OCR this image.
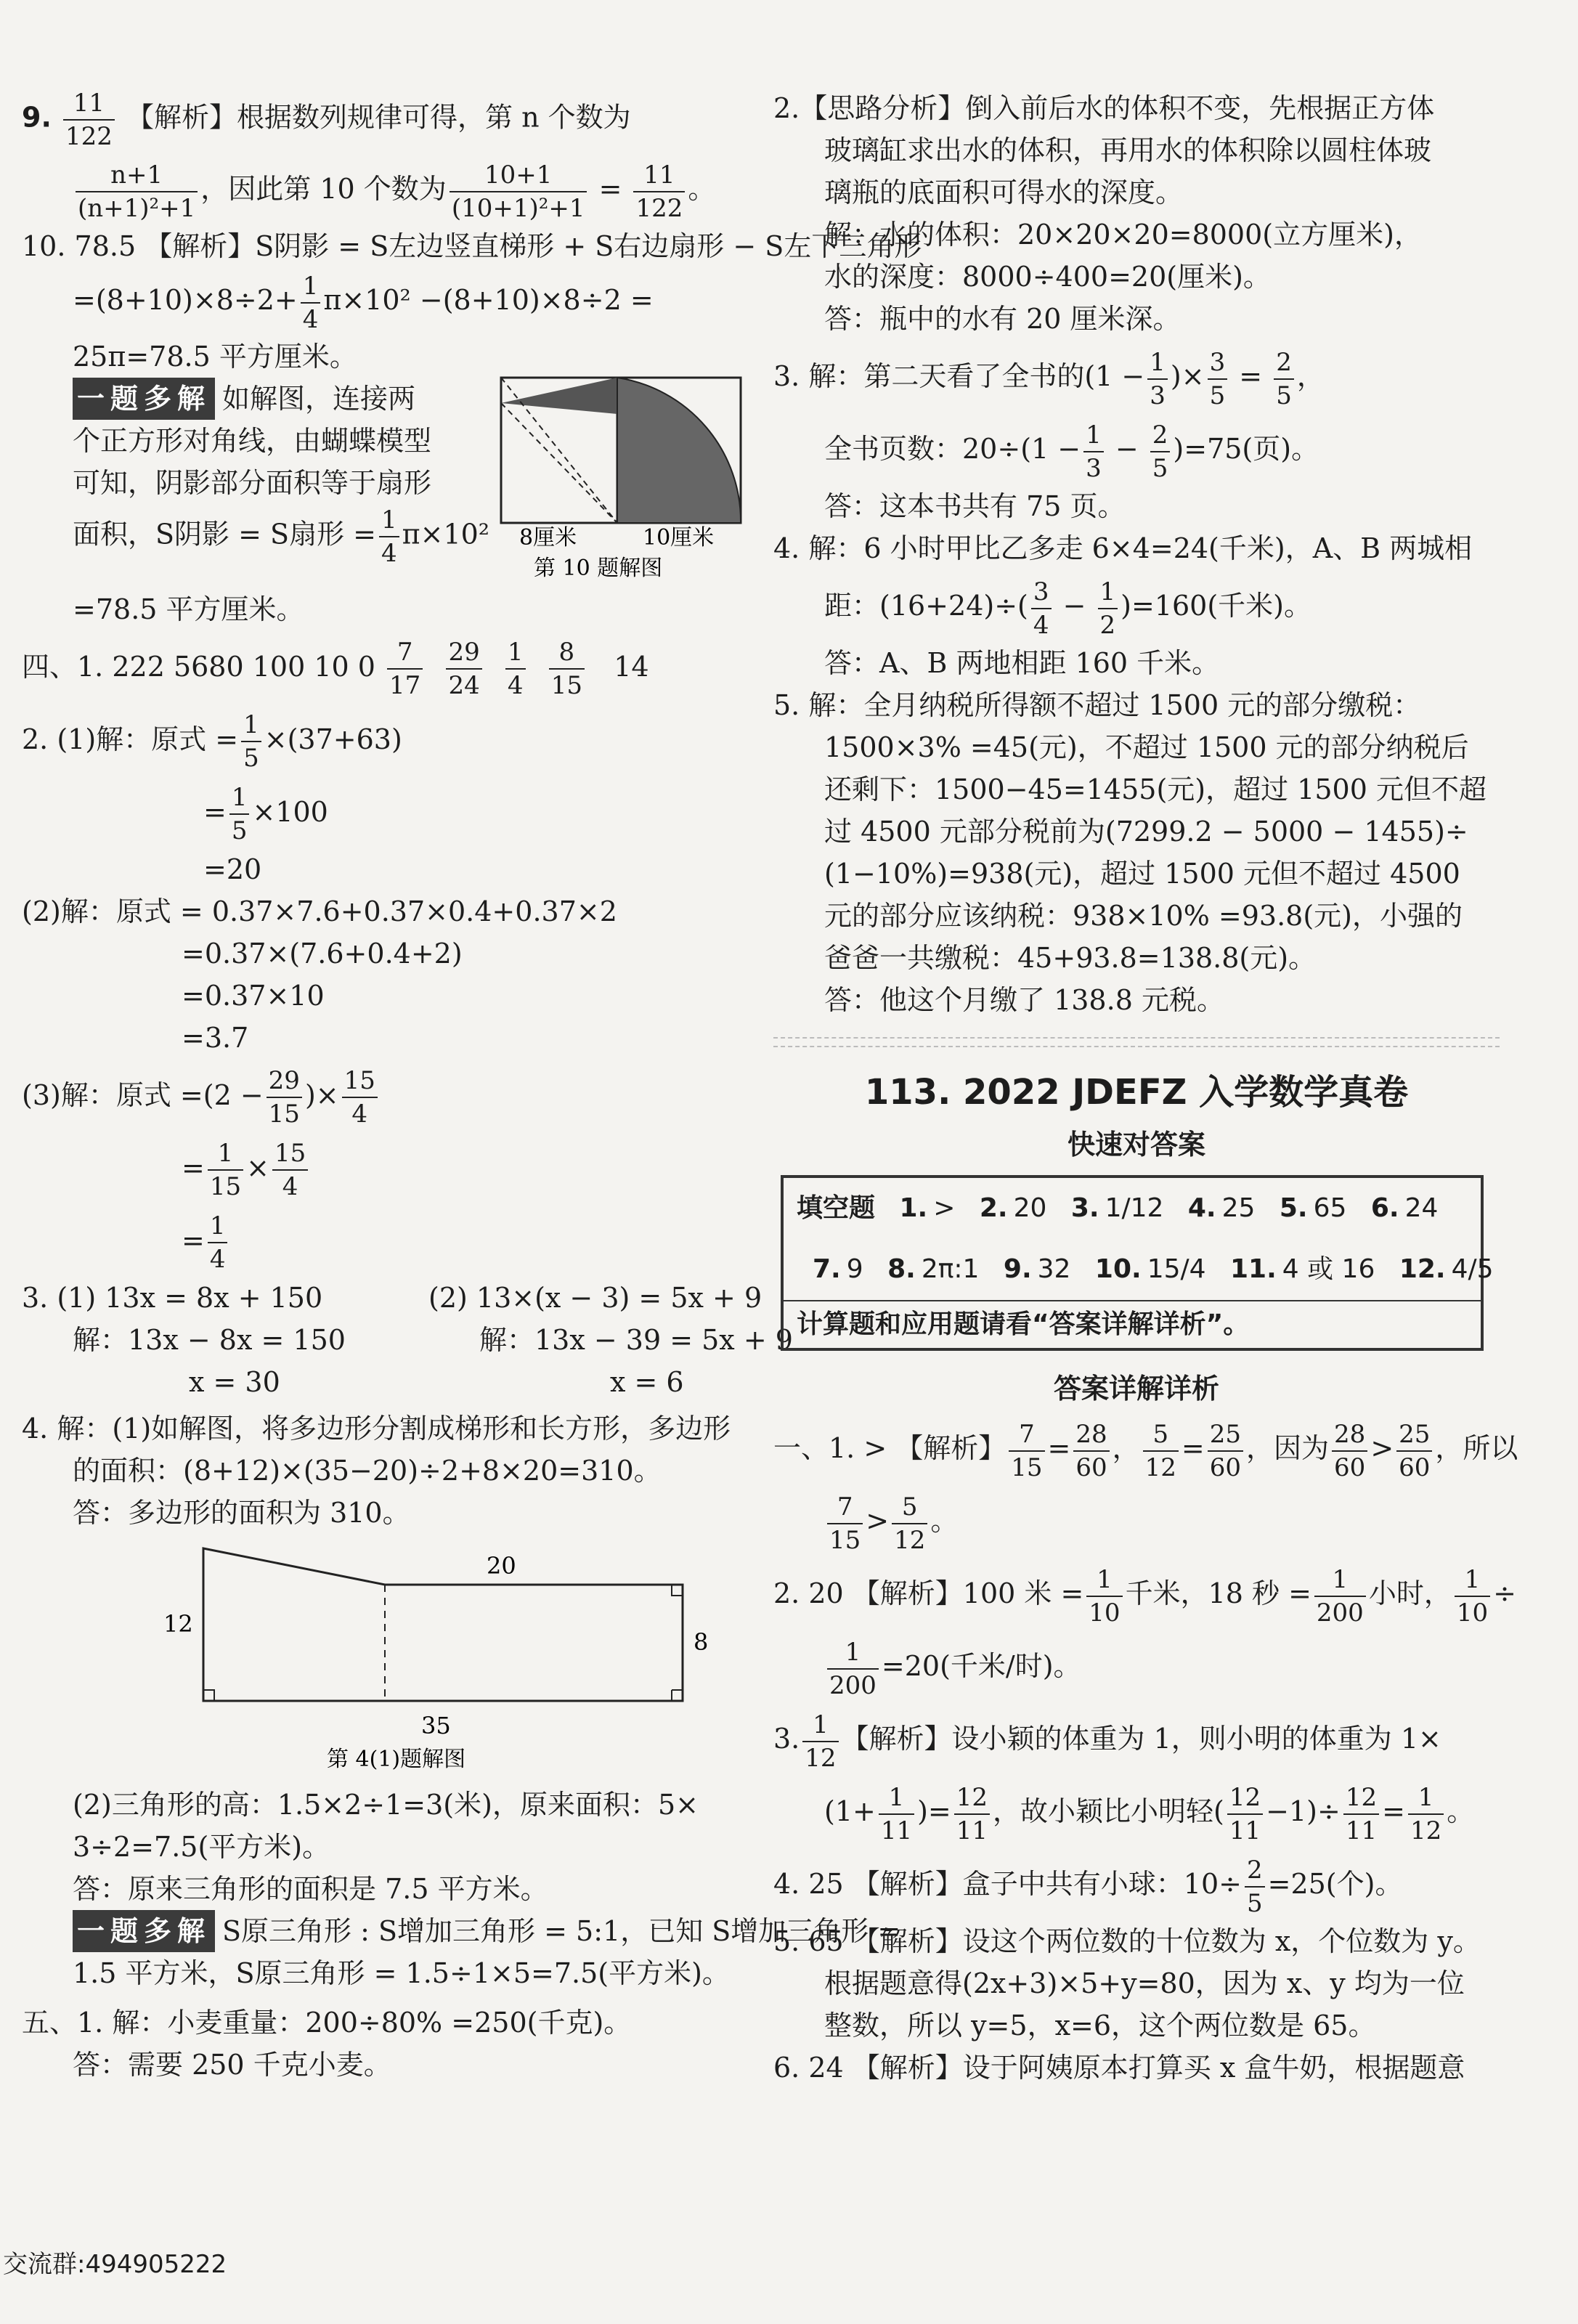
9. $\frac{11}{122}$ 【解析】根据数列规律可得，第 n 个数为
$\frac{n+1}{\text{(n+1)²+1}}$ ，因此第 10 个数为 $\frac{10+1}{\text{(10+1)²+1}} = \frac{11}{122}$ 。
10. 78.5 【解析】S阴影 = S左边竖直梯形 + S右边扇形 − S左下三角形
$=(8+10)\times 8\div 2+ \frac{1}{4} \pi\times 10^2 -(8+10)\times 8\div 2$ =
25π=78.5 平方厘米。
一题多解 如解图，连接两
个正方形对角线，由蝴蝶模型
可知，阴影部分面积等于扇形
面积，S阴影 = S扇形 = $\frac{1}{4} \pi\times 10^2$	8厘米	10厘米
第 10 题解图
=78.5 平方厘米。
四、1. 222 5680 100 10 $0 \frac{7}{17}$
$\frac{29}{24}$
$\frac{1}{4}$
$\frac{8}{15} 14$
2. (1)解：原式 = $\frac{1}{5} \times(37+63)$
= $\frac{1}{5} \times 100$
=20
(2)解：原式 = 0.37×7.6+0.37×0.4+0.37×2
=0.37×(7.6+0.4+2)
=0.37×10
=3.7
(3)解：原式 $=(2 - \frac{29}{15}$ )× $\frac{15}{4}$
= $\frac{1}{15} \times \frac{15}{4}$
= $\frac{1}{4}$
3. (1) 13x = 8x + 150
解：13x − 8x = 150
x = 30
(2) 13×(x − 3) = 5x + 9
解：13x − 39 = 5x + 9
x = 6
4. 解：(1)如解图，将多边形分割成梯形和长方形，多边形
的面积：(8+12)×(35−20)÷2+8×20=310。
答：多边形的面积为 310。
12
20
8
35
第 4(1)题解图
(2)三角形的高：1.5×2÷1=3(米)，原来面积：5×
3÷2=7.5(平方米)。
答：原来三角形的面积是 7.5 平方米。
一题多解 S原三角形 : S增加三角形 = 5:1，已知 S增加三角形 =
1.5 平方米，S原三角形 = 1.5÷1×5=7.5(平方米)。
五、1. 解：小麦重量：200÷80% =250(千克)。
答：需要 250 千克小麦。
2.【思路分析】倒入前后水的体积不变，先根据正方体
玻璃缸求出水的体积，再用水的体积除以圆柱体玻
璃瓶的底面积可得水的深度。
解：水的体积：20×20×20=8000(立方厘米)，
水的深度：8000÷400=20(厘米)。
答：瓶中的水有 20 厘米深。
3. 解：第二天看了全书的($1 - \frac{1}{3}$ )× $\frac{3}{5} = \frac{2}{5}$ ，
全书页数：$20\div(1 - \frac{1}{3} - \frac{2}{5} )=75$(页)。
答：这本书共有 75 页。
4. 解：6 小时甲比乙多走 6×4=24(千米)，A、B 两城相
距：$(16+24)\div( \frac{3}{4} - \frac{1}{2} )=160$(千米)。
答：A、B 两地相距 160 千米。
5. 解：全月纳税所得额不超过 1500 元的部分缴税：
1500×3% =45(元)，不超过 1500 元的部分纳税后
还剩下：1500−45=1455(元)，超过 1500 元但不超
过 4500 元部分税前为(7299.2 − 5000 − 1455)÷
(1−10%)=938(元)，超过 1500 元但不超过 4500
元的部分应该纳税：938×10% =93.8(元)，小强的
爸爸一共缴税：45+93.8=138.8(元)。
答：他这个月缴了 138.8 元税。
113. 2022 JDEFZ 入学数学真卷
快速对答案
填空题 1. > 2. 20 3. 1/12 4. 25 5. 65 6. 24
7. 9 8. 2π:1 9. 32 10. 15/4 11. 4 或 16 12. 4/5
计算题和应用题请看“答案详解详析”。
答案详解详析
一、1. > 【解析】 $\frac{7}{15} = \frac{28}{60}$ ， $\frac{5}{12} = \frac{25}{60}$ ，因为 $\frac{28}{60} > \frac{25}{60}$ ，所以
$\frac{7}{15} > \frac{5}{12}$ 。
2. 20 【解析】100 米 = $\frac{1}{10}$ 千米，18 秒 = $\frac{1}{200}$ 小时， $\frac{1}{10}$ ÷
$\frac{1}{200} =20$(千米/时)。
3. $\frac{1}{12}$ 【解析】设小颖的体重为 1，则小明的体重为 1×
($1+ \frac{1}{11}$ )= $\frac{12}{11}$ ，故小颖比小明轻( $\frac{12}{11} -1)\div \frac{12}{11} = \frac{1}{12}$ 。
4. 25 【解析】盒子中共有小球：$10\div \frac{2}{5} =25$(个)。
5. 65 【解析】设这个两位数的十位数为 x，个位数为 y。
根据题意得(2x+3)×5+y=80，因为 x、y 均为一位
整数，所以 y=5，x=6，这个两位数是 65。
6. 24 【解析】设于阿姨原本打算买 x 盒牛奶，根据题意
交流群:494905222
